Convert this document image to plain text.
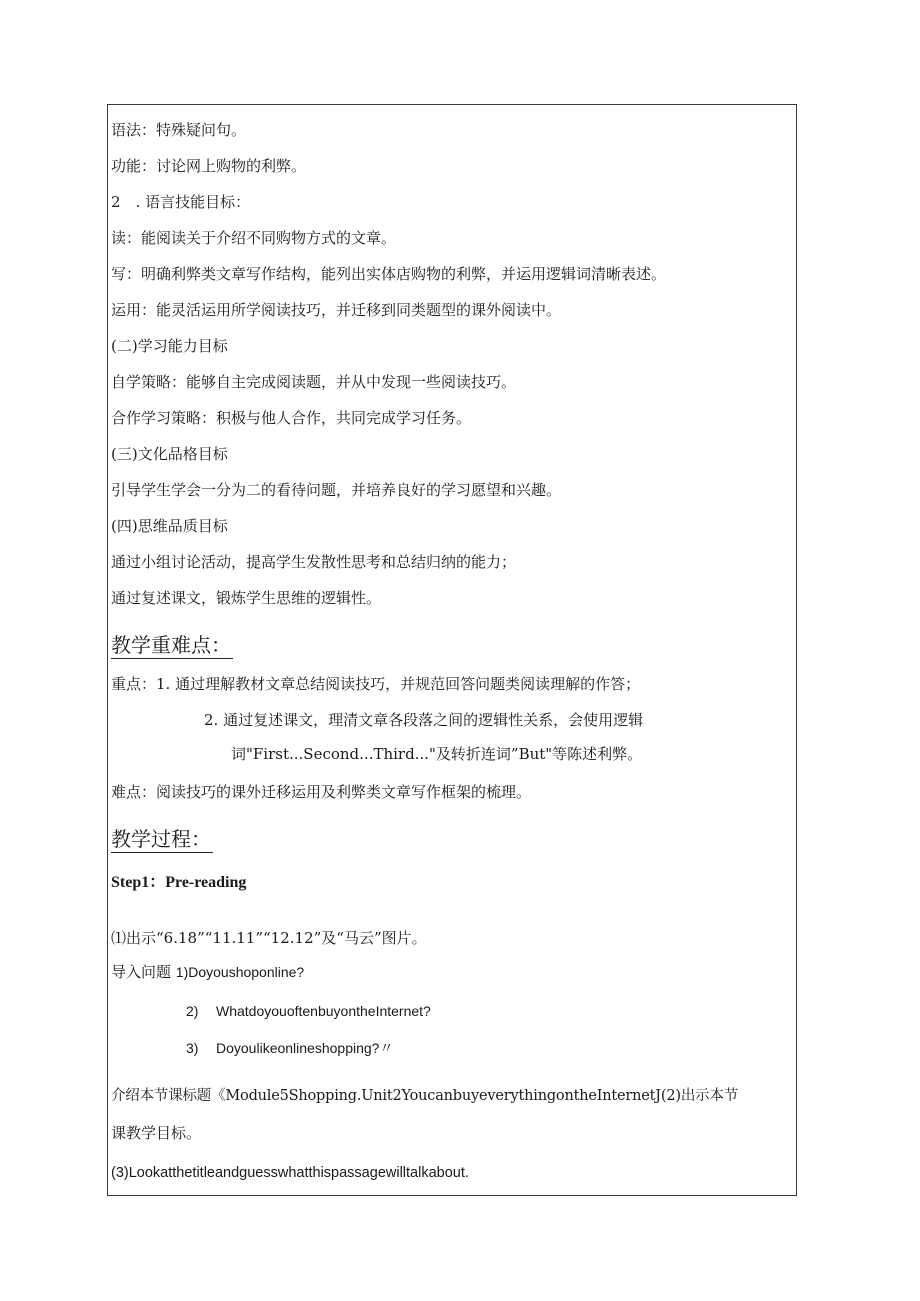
语法：特殊疑问句。
功能：讨论网上购物的利弊。
2　. 语言技能目标：
读：能阅读关于介绍不同购物方式的文章。
写：明确利弊类文章写作结构，能列出实体店购物的利弊，并运用逻辑词清晰表述。
运用：能灵活运用所学阅读技巧，并迁移到同类题型的课外阅读中。
(二)学习能力目标
自学策略：能够自主完成阅读题，并从中发现一些阅读技巧。
合作学习策略：积极与他人合作，共同完成学习任务。
(三)文化品格目标
引导学生学会一分为二的看待问题，并培养良好的学习愿望和兴趣。
(四)思维品质目标
通过小组讨论活动，提高学生发散性思考和总结归纳的能力；
通过复述课文，锻炼学生思维的逻辑性。
教学重难点：
重点：1. 通过理解教材文章总结阅读技巧，并规范回答问题类阅读理解的作答；
2. 通过复述课文，理清文章各段落之间的逻辑性关系，会使用逻辑
词"First...Second...Third..."及转折连词”But"等陈述利弊。
难点：阅读技巧的课外迁移运用及利弊类文章写作框架的梳理。
教学过程：
Step1：Pre-reading
⑴出示“6.18”“11.11”“12.12”及“马云”图片。
导入问题 1)Doyoushoponline?
2) WhatdoyouoftenbuyontheInternet?
3) Doyoulikeonlineshopping?〃
介绍本节课标题《Module5Shopping.Unit2YoucanbuyeverythingontheInternetJ(2)出示本节
课教学目标。
(3)Lookatthetitleandguesswhatthispassagewilltalkabout.
